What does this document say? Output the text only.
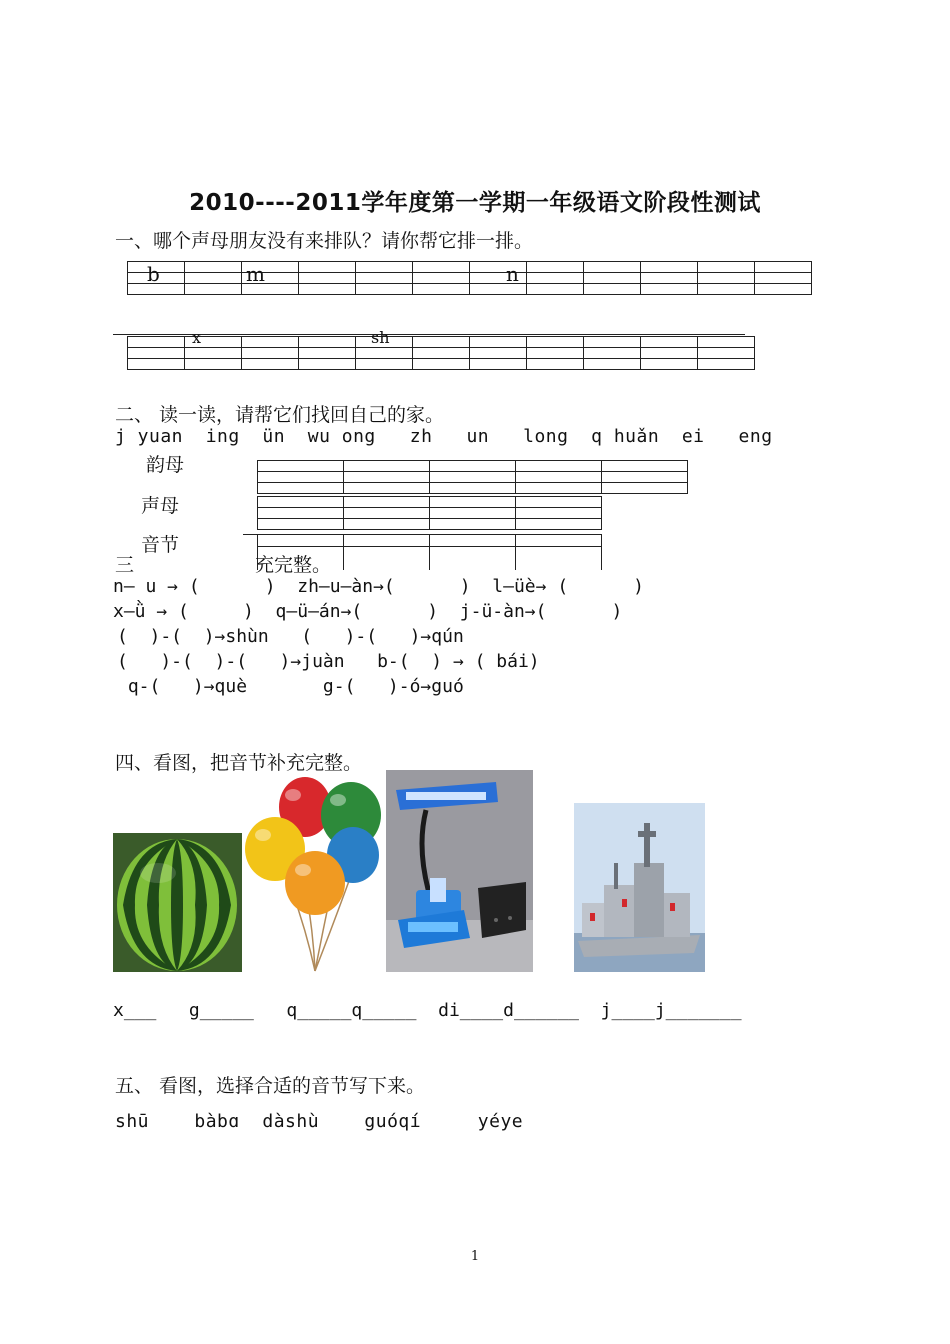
2010----2011学年度第一学期一年级语文阶段性测试
一、哪个声母朋友没有来排队？请你帮它排一排。

b	m	n

x	sh
二、 读一读，请帮它们找回自己的家。
j yuan  ing  ün  wu ong   zh   un   long  q huǎn  ei   eng
韵母
声母
音节

三	充完整。
n— u → (      )  zh—u—àn→(      )  l—üè→ (      )
x—ǜ → (     )  q—ü—án→(      )  j-ü-àn→(      )
(  )-(  )→shùn   (   )-(   )→qún
(   )-(  )-(   )→juàn   b-(  ) → ( bái)
q-(   )→què       g-(   )-ó→guó
四、看图，把音节补充完整。
x___   g_____   q_____q_____  di____d______  j____j_______
五、 看图，选择合适的音节写下来。
shū    bàbɑ  dàshù    guóqí     yéye
1
